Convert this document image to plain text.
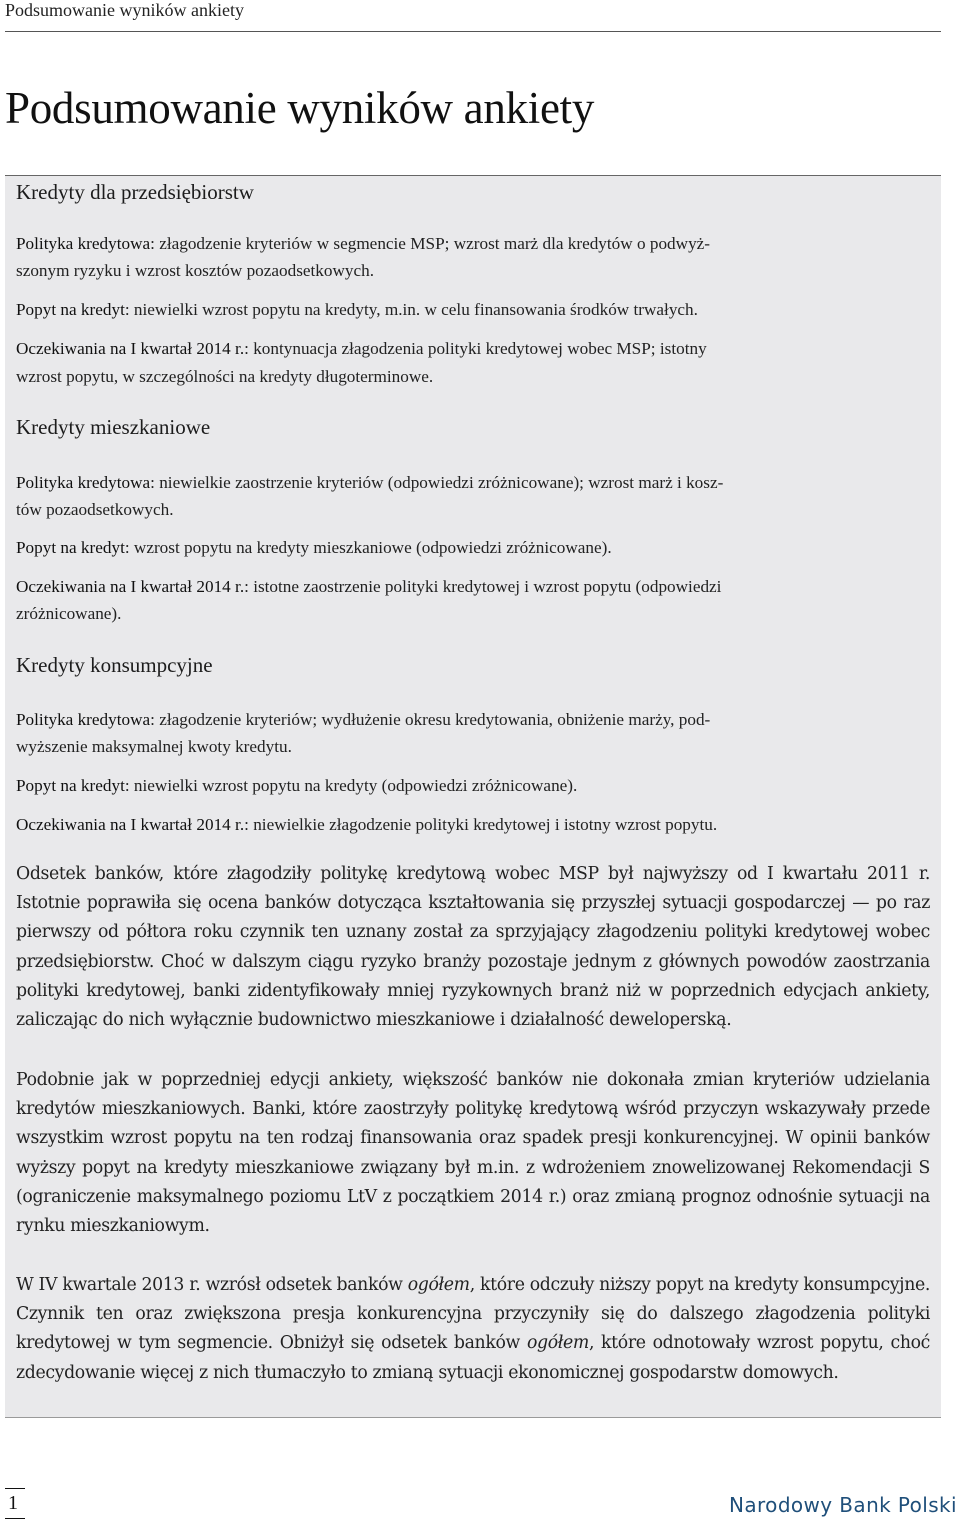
Podsumowanie wyników ankiety
Podsumowanie wyników ankiety
Kredyty dla przedsiębiorstw
Polityka kredytowa: złagodzenie kryteriów w segmencie MSP; wzrost marż dla kredytów o podwyż-
szonym ryzyku i wzrost kosztów pozaodsetkowych.
Popyt na kredyt: niewielki wzrost popytu na kredyty, m.in. w celu finansowania środków trwałych.
Oczekiwania na I kwartał 2014 r.: kontynuacja złagodzenia polityki kredytowej wobec MSP; istotny
wzrost popytu, w szczególności na kredyty długoterminowe.
Kredyty mieszkaniowe
Polityka kredytowa: niewielkie zaostrzenie kryteriów (odpowiedzi zróżnicowane); wzrost marż i kosz-
tów pozaodsetkowych.
Popyt na kredyt: wzrost popytu na kredyty mieszkaniowe (odpowiedzi zróżnicowane).
Oczekiwania na I kwartał 2014 r.: istotne zaostrzenie polityki kredytowej i wzrost popytu (odpowiedzi
zróżnicowane).
Kredyty konsumpcyjne
Polityka kredytowa: złagodzenie kryteriów; wydłużenie okresu kredytowania, obniżenie marży, pod-
wyższenie maksymalnej kwoty kredytu.
Popyt na kredyt: niewielki wzrost popytu na kredyty (odpowiedzi zróżnicowane).
Oczekiwania na I kwartał 2014 r.: niewielkie złagodzenie polityki kredytowej i istotny wzrost popytu.

Odsetek banków, które złagodziły politykę kredytową wobec MSP był najwyższy od I kwartału 2011 r. Istotnie poprawiła się ocena banków dotycząca kształtowania się przyszłej sytuacji gospodarczej — po raz pierwszy od półtora roku czynnik ten uznany został za sprzyjający złagodzeniu polityki kredytowej wobec przedsiębiorstw. Choć w dalszym ciągu ryzyko branży pozostaje jednym z głównych powodów zaostrzania polityki kredytowej, banki zidentyfikowały mniej ryzykownych branż niż w poprzednich edycjach ankiety, zaliczając do nich wyłącznie budownictwo mieszkaniowe i działalność deweloperską.

Podobnie jak w poprzedniej edycji ankiety, większość banków nie dokonała zmian kryteriów udzielania kredytów mieszkaniowych. Banki, które zaostrzyły politykę kredytową wśród przyczyn wskazywały przede wszystkim wzrost popytu na ten rodzaj finansowania oraz spadek presji konkurencyjnej. W opinii banków wyższy popyt na kredyty mieszkaniowe związany był m.in. z wdrożeniem znowelizowanej Rekomendacji S (ograniczenie maksymalnego poziomu LtV z początkiem 2014 r.) oraz zmianą prognoz odnośnie sytuacji na rynku mieszkaniowym.

W IV kwartale 2013 r. wzrósł odsetek banków ogółem, które odczuły niższy popyt na kredyty konsumpcyjne. Czynnik ten oraz zwiększona presja konkurencyjna przyczyniły się do dalszego złagodzenia polityki kredytowej w tym segmencie. Obniżył się odsetek banków ogółem, które odnotowały wzrost popytu, choć zdecydowanie więcej z nich tłumaczyło to zmianą sytuacji ekonomicznej gospodarstw domowych.

1	Narodowy Bank Polski
